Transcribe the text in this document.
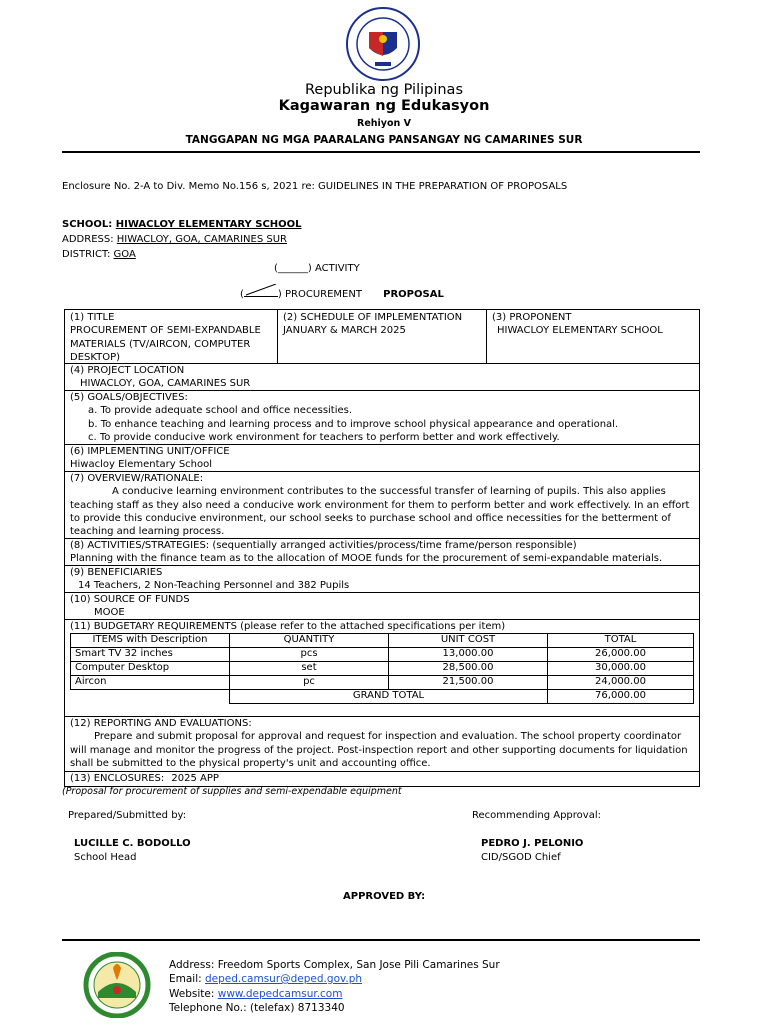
Republika ng Pilipinas
Kagawaran ng Edukasyon
Rehiyon V
TANGGAPAN NG MGA PAARALANG PANSANGAY NG CAMARINES SUR
Enclosure No. 2-A to Div. Memo No.156 s, 2021 re: GUIDELINES IN THE PREPARATION OF PROPOSALS
SCHOOL: HIWACLOY ELEMENTARY SCHOOL
ADDRESS: HIWACLOY, GOA, CAMARINES SUR
DISTRICT: GOA
(______) ACTIVITY
(	) PROCUREMENT PROPOSAL
(1) TITLE
PROCUREMENT OF SEMI-EXPANDABLE MATERIALS (TV/AIRCON, COMPUTER DESKTOP)
(2) SCHEDULE OF IMPLEMENTATION
JANUARY & MARCH 2025
(3) PROPONENT
HIWACLOY ELEMENTARY SCHOOL
(4) PROJECT LOCATION
HIWACLOY, GOA, CAMARINES SUR
(5) GOALS/OBJECTIVES:
a. To provide adequate school and office necessities.
b. To enhance teaching and learning process and to improve school physical appearance and operational.
c. To provide conducive work environment for teachers to perform better and work effectively.
(6) IMPLEMENTING UNIT/OFFICE
Hiwacloy Elementary School
(7) OVERVIEW/RATIONALE:
A conducive learning environment contributes to the successful transfer of learning of pupils. This also applies teaching staff as they also need a conducive work environment for them to perform better and work effectively. In an effort to provide this conducive environment, our school seeks to purchase school and office necessities for the betterment of teaching and learning process.
(8) ACTIVITIES/STRATEGIES: (sequentially arranged activities/process/time frame/person responsible)
Planning with the finance team as to the allocation of MOOE funds for the procurement of semi-expandable materials.
(9) BENEFICIARIES
14 Teachers, 2 Non-Teaching Personnel and 382 Pupils
(10) SOURCE OF FUNDS
MOOE
(11) BUDGETARY REQUIREMENTS (please refer to the attached specifications per item)
ITEMS with Description	QUANTITY	UNIT COST	TOTAL
Smart TV 32 inches	pcs	13,000.00	26,000.00
Computer Desktop	set	28,500.00	30,000.00
Aircon	pc	21,500.00	24,000.00
	GRAND TOTAL		76,000.00
(12) REPORTING AND EVALUATIONS:
Prepare and submit proposal for approval and request for inspection and evaluation. The school property coordinator will manage and monitor the progress of the project. Post-inspection report and other supporting documents for liquidation shall be submitted to the physical property's unit and accounting office.
(13) ENCLOSURES: 2025 APP
(Proposal for procurement of supplies and semi-expendable equipment
Prepared/Submitted by:
LUCILLE C. BODOLLO
School Head
Recommending Approval:
PEDRO J. PELONIO
CID/SGOD Chief
APPROVED BY:
Address: Freedom Sports Complex, San Jose Pili Camarines Sur
Email: deped.camsur@deped.gov.ph
Website: www.depedcamsur.com
Telephone No.: (telefax) 8713340
